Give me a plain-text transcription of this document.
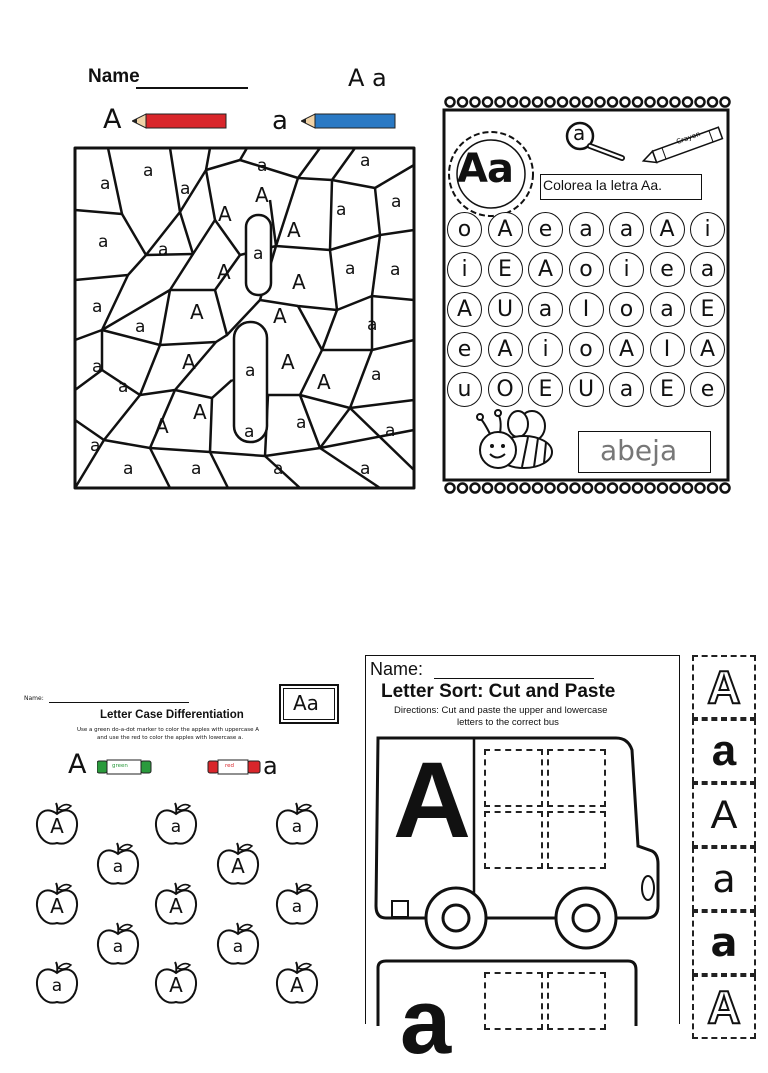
Name	A a
A	a
a
a
a
a	a
a
A
A
A
a
a	a	a
A	A
a a
a
a
A	A	a
A	a A
A a
a
a
A
A	a a	a
a
a	a	a	a
Aa
a	Crayon
Colorea la letra Aa.
o	A	e	a	a	A	i
i	E	A	o	i	e	a
A	U	a	I	o	a	E
e	A	i	o	A	I	A
u	O	E	U	a	E	e
abeja
Name:
Letter Case Differentiation Aa
Use a green do-a-dot marker to color the apples with uppercase A
and use the red to color the apples with lowercase a.
A	green	red a
A	a	a
a	A
A	A	a
a	a
a	A	A
Name:
Letter Sort: Cut and Paste
Directions: Cut and paste the upper and lowercase
letters to the correct bus
A
a
A
a
A
a
a
A
